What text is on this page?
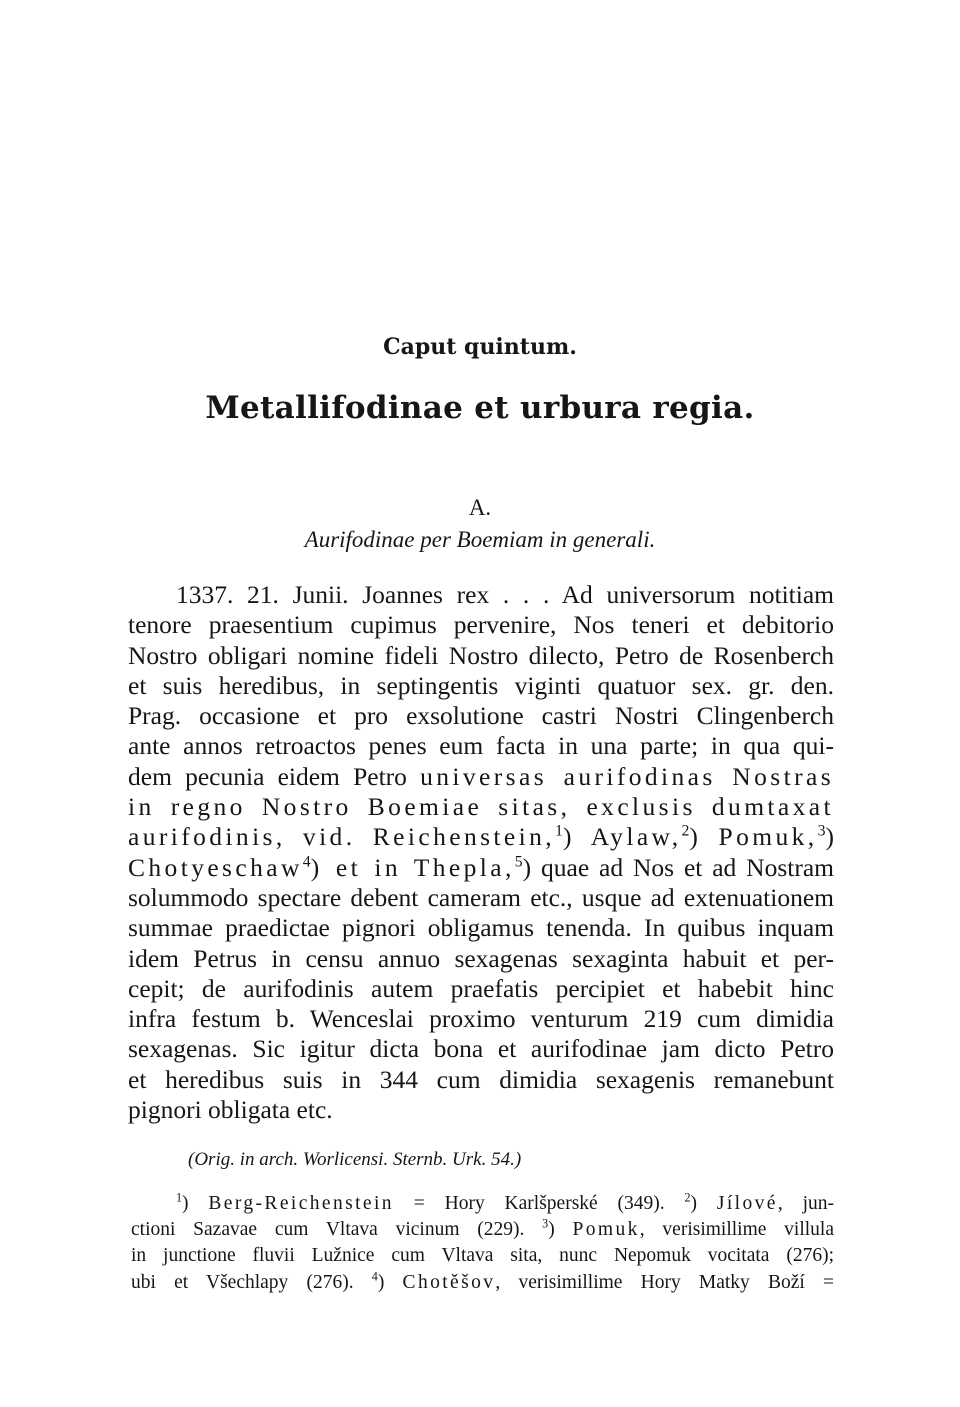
Caput quintum.
Metallifodinae et urbura regia.
A.
Aurifodinae per Boemiam in generali.
1337. 21. Junii. Joannes rex . . . Ad universorum notitiam
tenore praesentium cupimus pervenire, Nos teneri et debitorio
Nostro obligari nomine fideli Nostro dilecto, Petro de Rosenberch
et suis heredibus, in septingentis viginti quatuor sex. gr. den.
Prag. occasione et pro exsolutione castri Nostri Clingenberch
ante annos retroactos penes eum facta in una parte; in qua qui-
dem pecunia eidem Petro universas aurifodinas Nostras
in regno Nostro Boemiae sitas, exclusis dumtaxat
aurifodinis, vid. Reichenstein,$^1$) Aylaw,$^2$) Pomuk,$^3$)
Chotyeschaw$^4$) et in Thepla,$^5$) quae ad Nos et ad Nostram
solummodo spectare debent cameram etc., usque ad extenuationem
summae praedictae pignori obligamus tenenda. In quibus inquam
idem Petrus in censu annuo sexagenas sexaginta habuit et per-
cepit; de aurifodinis autem praefatis percipiet et habebit hinc
infra festum b. Wenceslai proximo venturum 219 cum dimidia
sexagenas. Sic igitur dicta bona et aurifodinae jam dicto Petro
et heredibus suis in 344 cum dimidia sexagenis remanebunt
pignori obligata etc.
(Orig. in arch. Worlicensi. Sternb. Urk. 54.)
$^1$) Berg-Reichenstein = Hory Karlšperské (349). $^2$) Jílové, jun-
ctioni Sazavae cum Vltava vicinum (229). $^3$) Pomuk, verisimillime villula
in junctione fluvii Lužnice cum Vltava sita, nunc Nepomuk vocitata (276);
ubi et Všechlapy (276). $^4$) Chotěšov, verisimillime Hory Matky Boží =
